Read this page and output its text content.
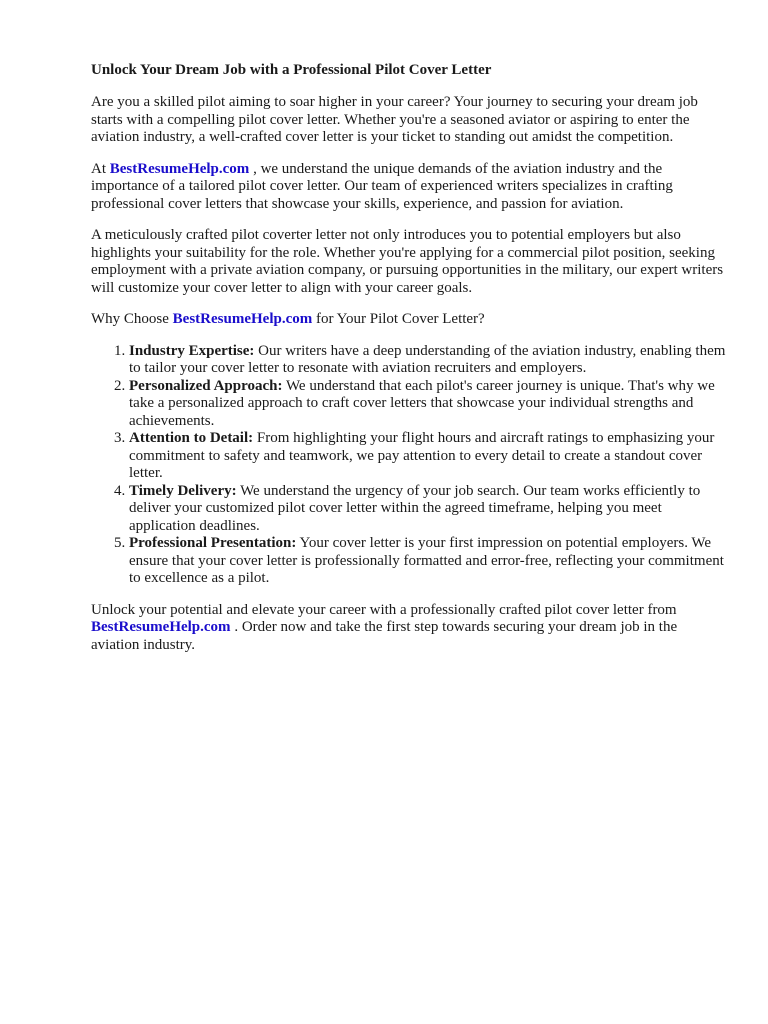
Unlock Your Dream Job with a Professional Pilot Cover Letter

Are you a skilled pilot aiming to soar higher in your career? Your journey to securing your dream job starts with a compelling pilot cover letter. Whether you're a seasoned aviator or aspiring to enter the aviation industry, a well-crafted cover letter is your ticket to standing out amidst the competition.

At BestResumeHelp.com , we understand the unique demands of the aviation industry and the importance of a tailored pilot cover letter. Our team of experienced writers specializes in crafting professional cover letters that showcase your skills, experience, and passion for aviation.

A meticulously crafted pilot coverter letter not only introduces you to potential employers but also highlights your suitability for the role. Whether you're applying for a commercial pilot position, seeking employment with a private aviation company, or pursuing opportunities in the military, our expert writers will customize your cover letter to align with your career goals.

Why Choose BestResumeHelp.com for Your Pilot Cover Letter?

1. Industry Expertise: Our writers have a deep understanding of the aviation industry, enabling them to tailor your cover letter to resonate with aviation recruiters and employers.
2. Personalized Approach: We understand that each pilot's career journey is unique. That's why we take a personalized approach to craft cover letters that showcase your individual strengths and achievements.
3. Attention to Detail: From highlighting your flight hours and aircraft ratings to emphasizing your commitment to safety and teamwork, we pay attention to every detail to create a standout cover letter.
4. Timely Delivery: We understand the urgency of your job search. Our team works efficiently to deliver your customized pilot cover letter within the agreed timeframe, helping you meet application deadlines.
5. Professional Presentation: Your cover letter is your first impression on potential employers. We ensure that your cover letter is professionally formatted and error-free, reflecting your commitment to excellence as a pilot.

Unlock your potential and elevate your career with a professionally crafted pilot cover letter from BestResumeHelp.com . Order now and take the first step towards securing your dream job in the aviation industry.
